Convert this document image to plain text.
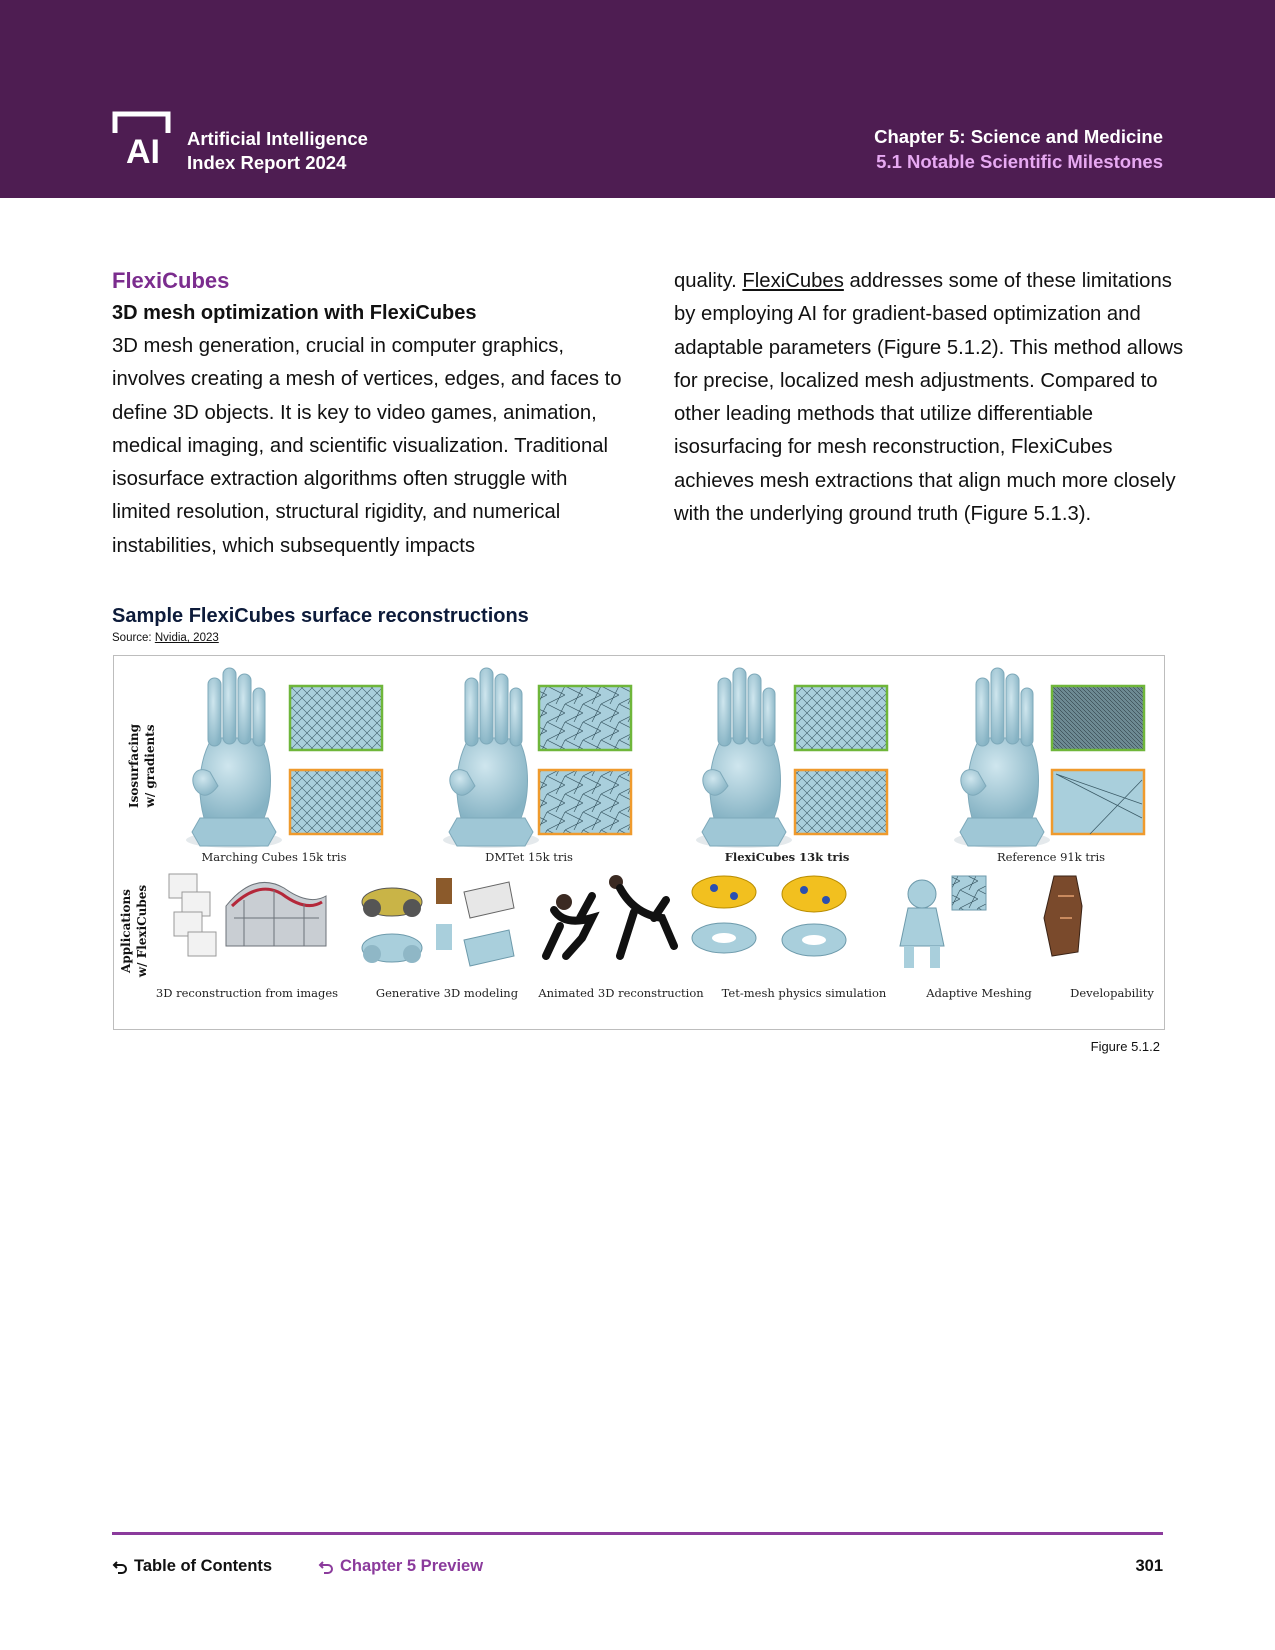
AI Artificial Intelligence
Index Report 2024
Chapter 5: Science and Medicine
5.1 Notable Scientific Milestones

FlexiCubes

3D mesh optimization with FlexiCubes

3D mesh generation, crucial in computer graphics, involves creating a mesh of vertices, edges, and faces to define 3D objects. It is key to video games, animation, medical imaging, and scientific visualization. Traditional isosurface extraction algorithms often struggle with limited resolution, structural rigidity, and numerical instabilities, which subsequently impacts

quality. FlexiCubes addresses some of these limitations by employing AI for gradient-based optimization and adaptable parameters (Figure 5.1.2). This method allows for precise, localized mesh adjustments. Compared to other leading methods that utilize differentiable isosurfacing for mesh reconstruction, FlexiCubes achieves mesh extractions that align much more closely with the underlying ground truth (Figure 5.1.3).

Sample FlexiCubes surface reconstructions
Source: Nvidia, 2023
Isosurfacing w/ gradients
Applications w/ FlexiCubes
Marching Cubes 15k tris	DMTet 15k tris	FlexiCubes 13k tris	Reference 91k tris
3D reconstruction from images	Generative 3D modeling Animated 3D reconstruction Tet-mesh physics simulation	Adaptive Meshing	Developability
Figure 5.1.2
Table of Contents	Chapter 5 Preview	301
